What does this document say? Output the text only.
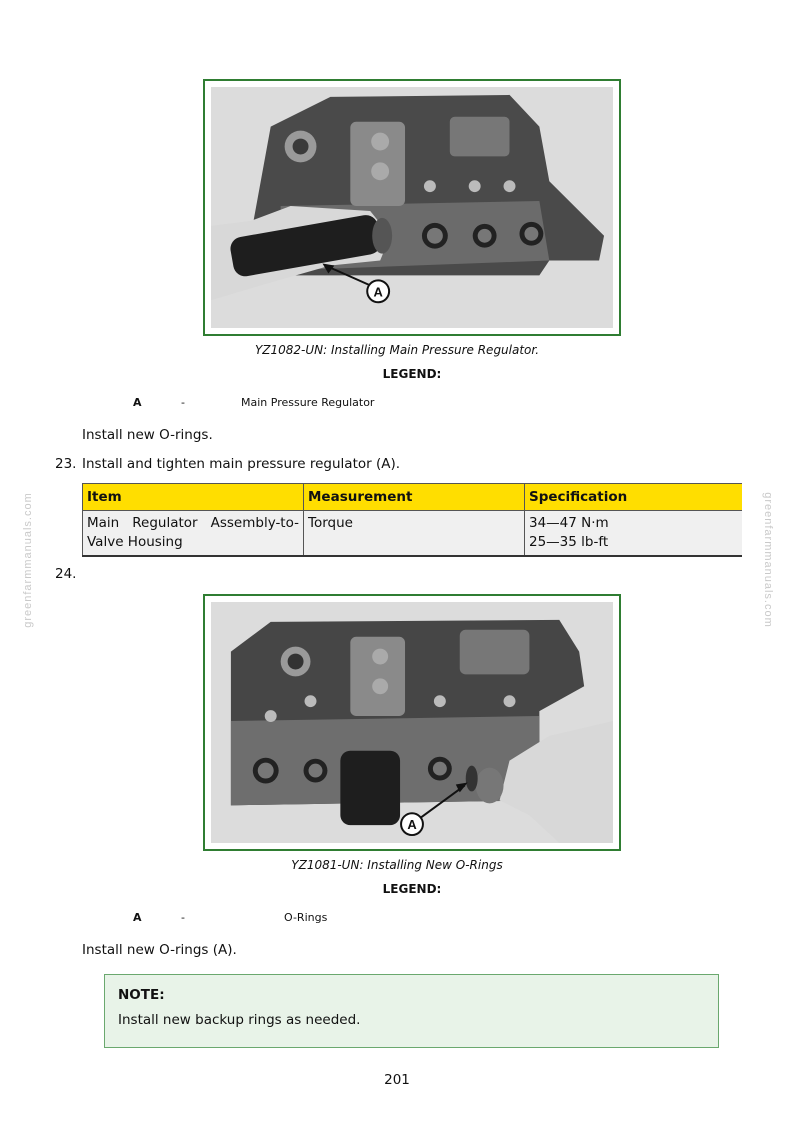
greenfarmmanuals.com	greenfarmmanuals.com
A
YZ1082-UN: Installing Main Pressure Regulator.
LEGEND:
A	-	Main Pressure Regulator
Install new O-rings.
23. Install and tighten main pressure regulator (A).
Item	Measurement	Specification
Main Regulator Assembly-to-Valve Housing	Torque	34—47 N·m
25—35 lb-ft
24.
A
YZ1081-UN: Installing New O-Rings
LEGEND:
A	-	O-Rings
Install new O-rings (A).
NOTE:
Install new backup rings as needed.
201
